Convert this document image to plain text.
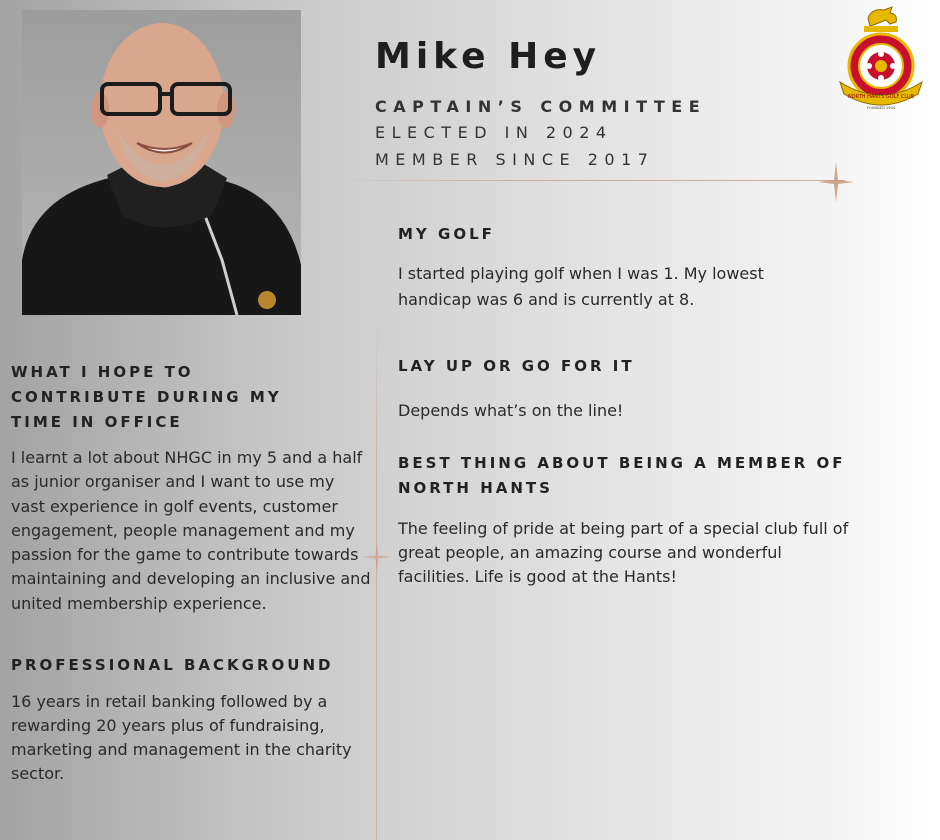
Mike Hey

CAPTAIN’S COMMITTEE

ELECTED IN 2024

MEMBER SINCE 2017

NORTH HANTS GOLF CLUB
FOUNDED 1904
WHAT I HOPE TO CONTRIBUTE DURING MY TIME IN OFFICE

I learnt a lot about NHGC in my 5 and a half as junior organiser and I want to use my vast experience in golf events, customer engagement, people management and my passion for the game to contribute towards maintaining and developing an inclusive and united membership experience.

PROFESSIONAL BACKGROUND

16 years in retail banking followed by a rewarding 20 years plus of fundraising, marketing and management in the charity sector.

MY GOLF

I started playing golf when I was 1. My lowest handicap was 6 and is currently at 8.

LAY UP OR GO FOR IT

Depends what’s on the line!

BEST THING ABOUT BEING A MEMBER OF NORTH HANTS

The feeling of pride at being part of a special club full of great people, an amazing course and wonderful facilities. Life is good at the Hants!
